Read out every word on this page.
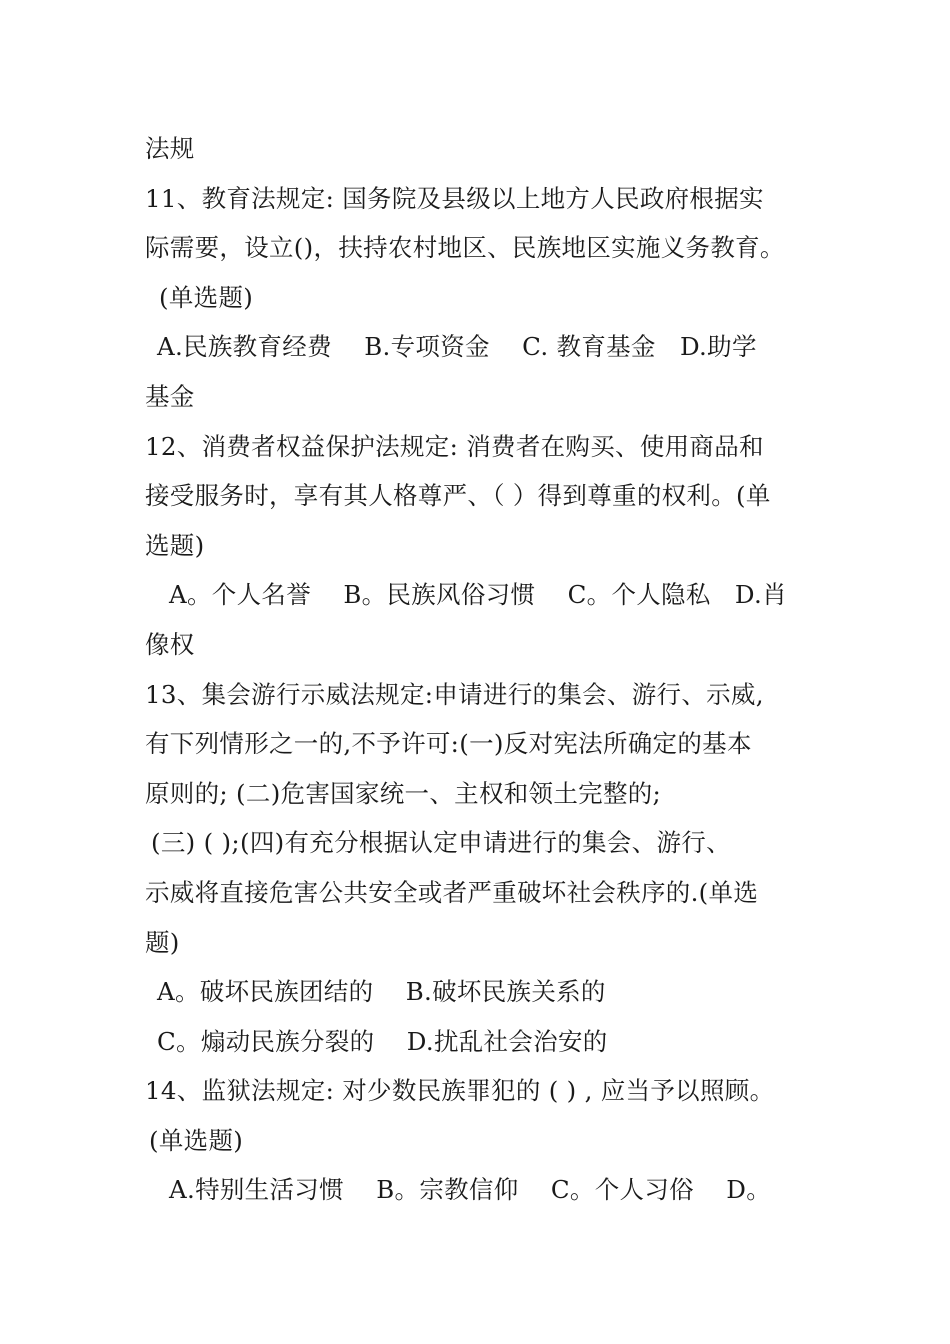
法规
11、教育法规定: 国务院及县级以上地方人民政府根据实
际需要，设立()，扶持农村地区、民族地区实施义务教育。
(单选题)
A.民族教育经费    B.专项资金    C. 教育基金   D.助学
基金
12、消费者权益保护法规定: 消费者在购买、使用商品和
接受服务时，享有其人格尊严、（ ）得到尊重的权利。(单
选题)
A。个人名誉    B。民族风俗习惯    C。个人隐私   D.肖
像权
13、集会游行示威法规定:申请进行的集会、游行、示威,
有下列情形之一的,不予许可:(一)反对宪法所确定的基本
原则的; (二)危害国家统一、主权和领土完整的;
(三) ( );(四)有充分根据认定申请进行的集会、游行、
示威将直接危害公共安全或者严重破坏社会秩序的.(单选
题)
A。破坏民族团结的    B.破坏民族关系的
C。煽动民族分裂的    D.扰乱社会治安的
14、监狱法规定: 对少数民族罪犯的 ( ) , 应当予以照顾。
(单选题)
A.特别生活习惯    B。宗教信仰    C。个人习俗    D。
